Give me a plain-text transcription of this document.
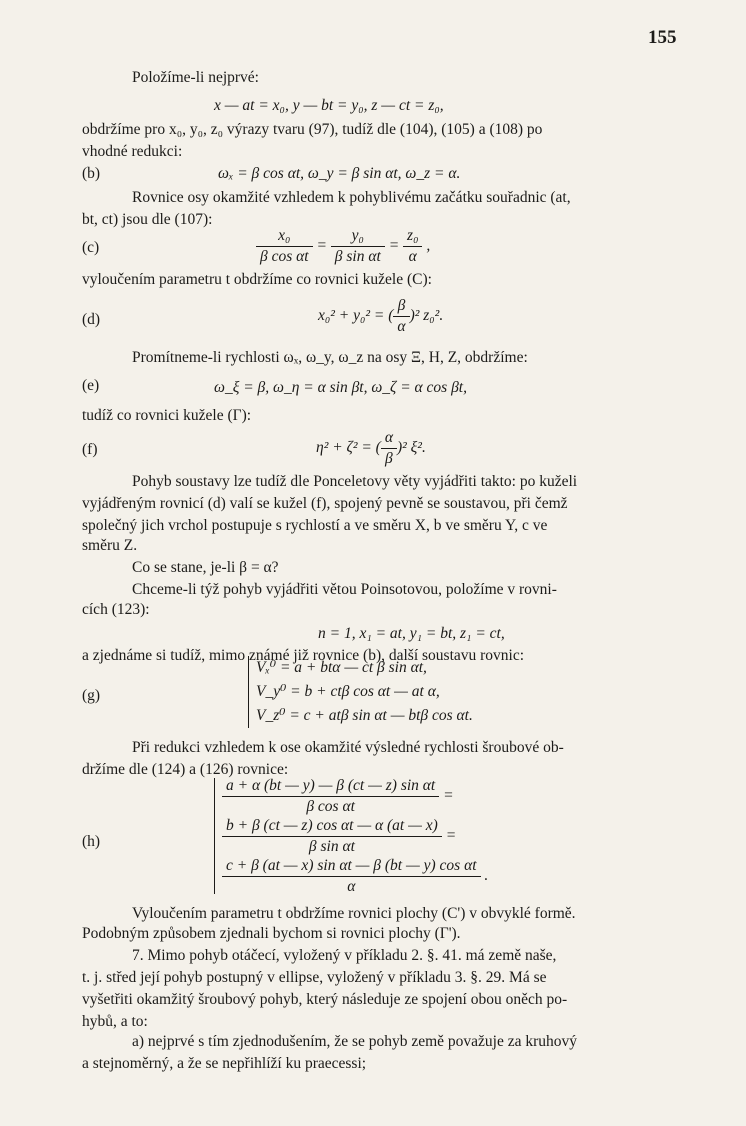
155

Položíme-li nejprvé:

x — at = x₀, y — bt = y₀, z — ct = z₀,

obdržíme pro x₀, y₀, z₀ výrazy tvaru (97), tudíž dle (104), (105) a (108) po

vhodné redukci:

(b)	ωₓ = β cos αt, ω_y = β sin αt, ω_z = α.

Rovnice osy okamžité vzhledem k pohyblivému začátku souřadnic (at,

bt, ct) jsou dle (107):

(c)	$\frac{\text{x₀}}{\text{β cos αt}} = \frac{\text{y₀}}{\text{β sin αt}} = \frac{\text{z₀}}{\alpha}$ ,

vyloučením parametru t obdržíme co rovnici kužele (C):

(d)	x₀² + y₀² = ( $\frac{\beta}{\alpha} )^2$ z₀².

Promítneme-li rychlosti ωₓ, ω_y, ω_z na osy Ξ, H, Z, obdržíme:

(e)	ω_ξ = β, ω_η = α sin βt, ω_ζ = α cos βt,

tudíž co rovnici kužele (Γ):

(f)	η² + ζ² = ( $\frac{\alpha}{\beta} )^2$ ξ².

Pohyb soustavy lze tudíž dle Ponceletovy věty vyjádřiti takto: po kuželi

vyjádřeným rovnicí (d) valí se kužel (f), spojený pevně se soustavou, při čemž

společný jich vrchol postupuje s rychlostí a ve směru X, b ve směru Y, c ve

směru Z.

Co se stane, je-li β = α?

Chceme-li týž pohyb vyjádřiti větou Poinsotovou, položíme v rovni-

cích (123):

n = 1, x₁ = at, y₁ = bt, z₁ = ct,

a zjednáme si tudíž, mimo známé již rovnice (b), další soustavu rovnic:

(g)

Vₓ⁰ = a + btα — ct β sin αt,

V_y⁰ = b + ctβ cos αt — at α,

V_z⁰ = c + atβ sin αt — btβ cos αt.

Při redukci vzhledem k ose okamžité výsledné rychlosti šroubové ob-

držíme dle (124) a (126) rovnice:

(h)

$\frac{\text{a + α (bt — y) — β (ct — z) sin αt}}{\text{β cos αt}}$ =
$\frac{\text{b + β (ct — z) cos αt — α (at — x)}}{\text{β sin αt}}$ =
$\frac{\text{c + β (at — x) sin αt — β (bt — y) cos αt}}{\alpha}$ .

Vyloučením parametru t obdržíme rovnici plochy (C') v obvyklé formě.

Podobným způsobem zjednali bychom si rovnici plochy (Γ').

7. Mimo pohyb otáčecí, vyložený v příkladu 2. §. 41. má země naše,

t. j. střed její pohyb postupný v ellipse, vyložený v příkladu 3. §. 29. Má se

vyšetřiti okamžitý šroubový pohyb, který následuje ze spojení obou oněch po-

hybů, a to:

a) nejprvé s tím zjednodušením, že se pohyb země považuje za kruhový

a stejnoměrný, a že se nepřihlíží ku praecessi;
